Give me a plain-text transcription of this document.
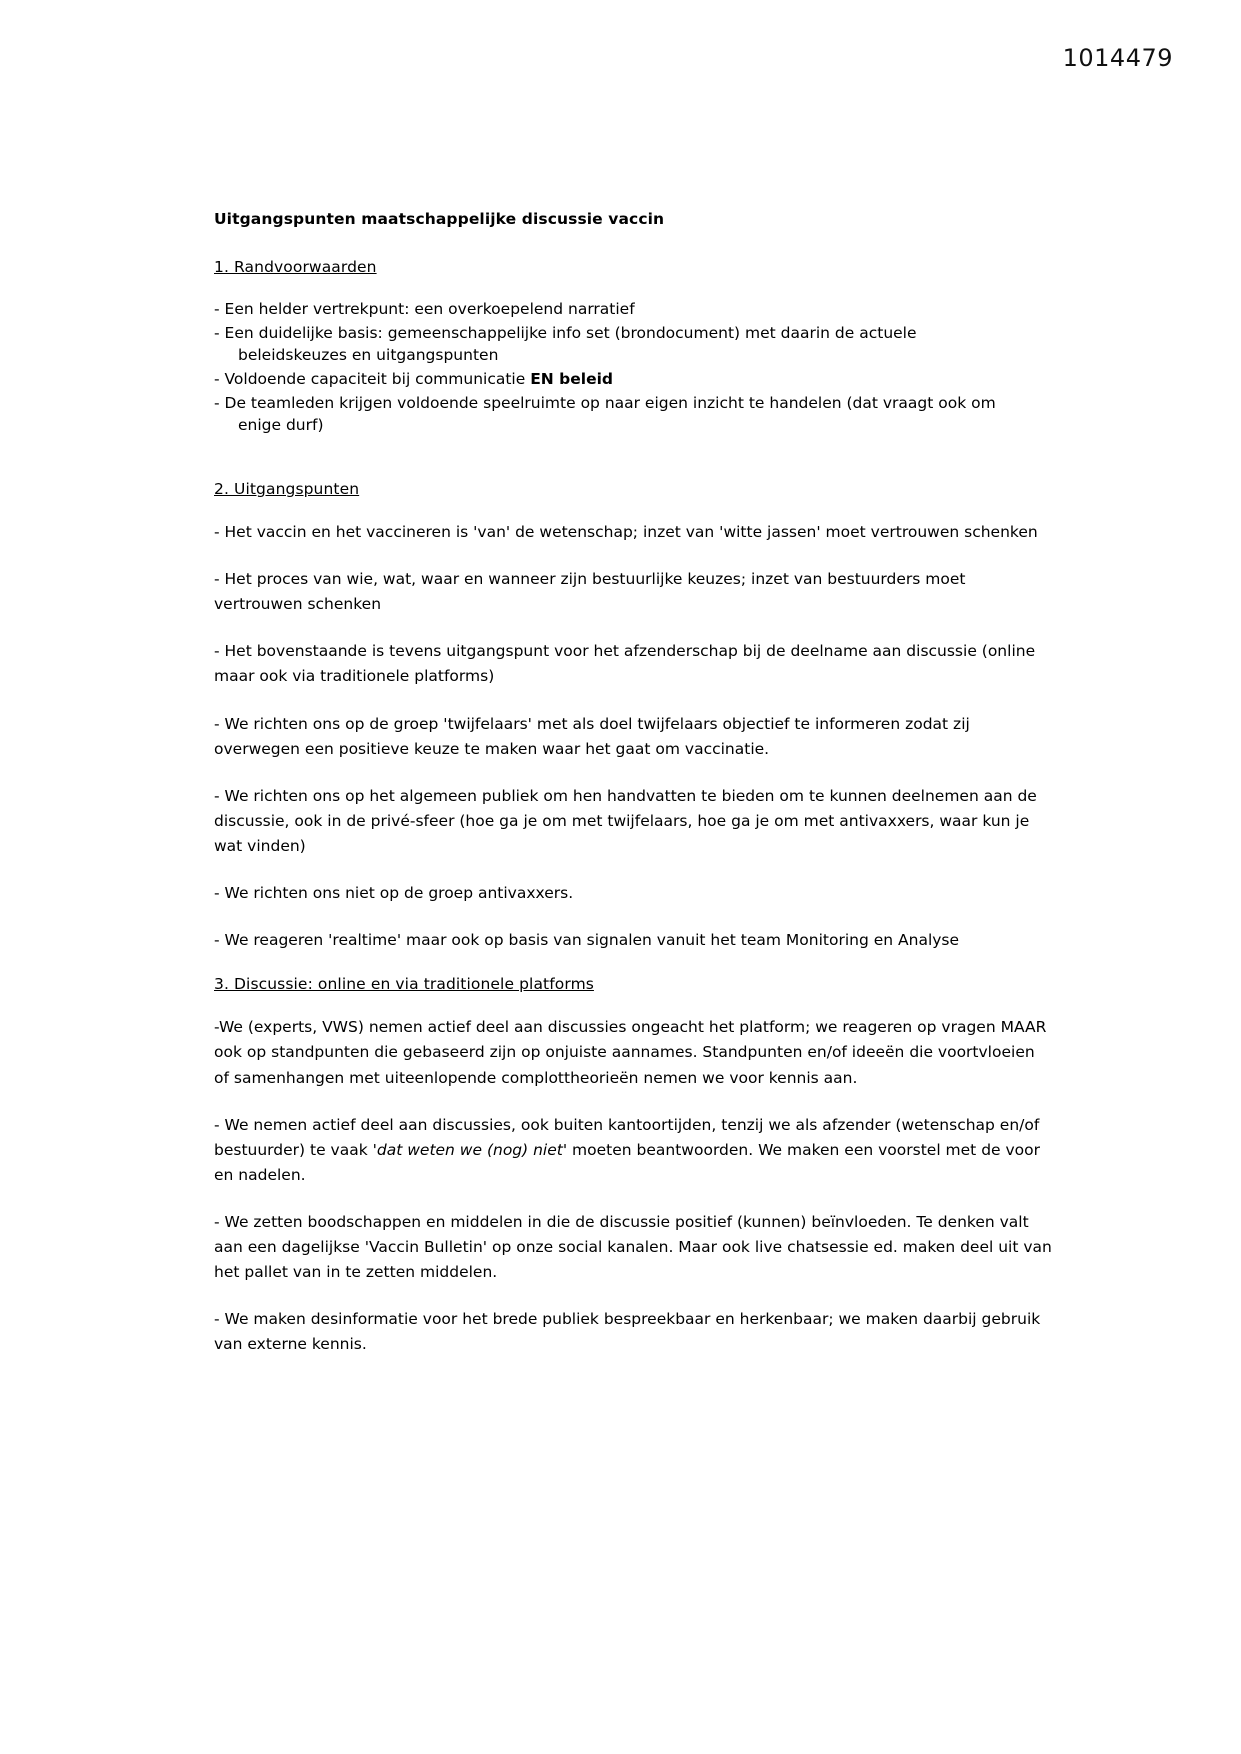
1014479
Uitgangspunten maatschappelijke discussie vaccin
1. Randvoorwaarden
- Een helder vertrekpunt: een overkoepelend narratief
- Een duidelijke basis: gemeenschappelijke info set (brondocument) met daarin de actuele
beleidskeuzes en uitgangspunten
- Voldoende capaciteit bij communicatie EN beleid
- De teamleden krijgen voldoende speelruimte op naar eigen inzicht te handelen (dat vraagt ook om
enige durf)
2. Uitgangspunten

- Het vaccin en het vaccineren is 'van' de wetenschap; inzet van 'witte jassen' moet vertrouwen schenken

- Het proces van wie, wat, waar en wanneer zijn bestuurlijke keuzes; inzet van bestuurders moet vertrouwen schenken

- Het bovenstaande is tevens uitgangspunt voor het afzenderschap bij de deelname aan discussie (online maar ook via traditionele platforms)

- We richten ons op de groep 'twijfelaars' met als doel twijfelaars objectief te informeren zodat zij overwegen een positieve keuze te maken waar het gaat om vaccinatie.

- We richten ons op het algemeen publiek om hen handvatten te bieden om te kunnen deelnemen aan de discussie, ook in de privé-sfeer (hoe ga je om met twijfelaars, hoe ga je om met antivaxxers, waar kun je wat vinden)

- We richten ons niet op de groep antivaxxers.

- We reageren 'realtime' maar ook op basis van signalen vanuit het team Monitoring en Analyse

3. Discussie: online en via traditionele platforms

-We (experts, VWS) nemen actief deel aan discussies ongeacht het platform; we reageren op vragen MAAR ook op standpunten die gebaseerd zijn op onjuiste aannames. Standpunten en/of ideeën die voortvloeien of samenhangen met uiteenlopende complottheorieën nemen we voor kennis aan.

- We nemen actief deel aan discussies, ook buiten kantoortijden, tenzij we als afzender (wetenschap en/of bestuurder) te vaak 'dat weten we (nog) niet' moeten beantwoorden. We maken een voorstel met de voor en nadelen.

- We zetten boodschappen en middelen in die de discussie positief (kunnen) beïnvloeden. Te denken valt aan een dagelijkse 'Vaccin Bulletin' op onze social kanalen. Maar ook live chatsessie ed. maken deel uit van het pallet van in te zetten middelen.

- We maken desinformatie voor het brede publiek bespreekbaar en herkenbaar; we maken daarbij gebruik van externe kennis.
